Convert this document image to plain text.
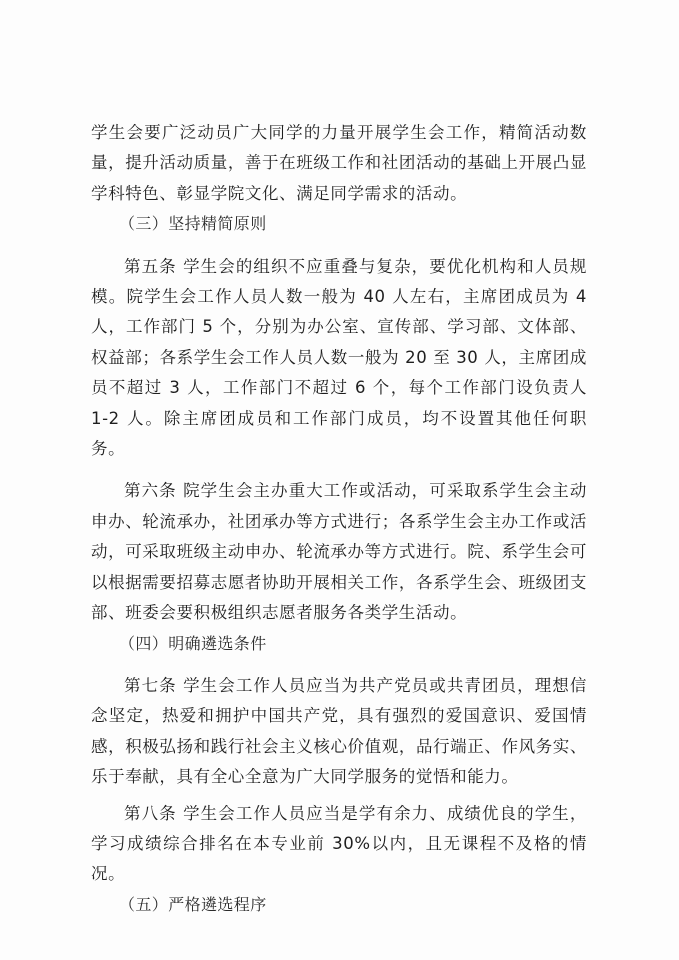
学生会要广泛动员广大同学的力量开展学生会工作，精简活动数量，提升活动质量，善于在班级工作和社团活动的基础上开展凸显学科特色、彰显学院文化、满足同学需求的活动。

（三）坚持精简原则

第五条 学生会的组织不应重叠与复杂，要优化机构和人员规模。院学生会工作人员人数一般为 40 人左右，主席团成员为 4 人，工作部门 5 个，分别为办公室、宣传部、学习部、文体部、权益部；各系学生会工作人员人数一般为 20 至 30 人，主席团成员不超过 3 人，工作部门不超过 6 个，每个工作部门设负责人 1-2 人。除主席团成员和工作部门成员，均不设置其他任何职务。

第六条 院学生会主办重大工作或活动，可采取系学生会主动申办、轮流承办，社团承办等方式进行；各系学生会主办工作或活动，可采取班级主动申办、轮流承办等方式进行。院、系学生会可以根据需要招募志愿者协助开展相关工作，各系学生会、班级团支部、班委会要积极组织志愿者服务各类学生活动。

（四）明确遴选条件

第七条 学生会工作人员应当为共产党员或共青团员，理想信念坚定，热爱和拥护中国共产党，具有强烈的爱国意识、爱国情感，积极弘扬和践行社会主义核心价值观，品行端正、作风务实、乐于奉献，具有全心全意为广大同学服务的觉悟和能力。

第八条 学生会工作人员应当是学有余力、成绩优良的学生，学习成绩综合排名在本专业前 30%以内，且无课程不及格的情况。

（五）严格遴选程序
